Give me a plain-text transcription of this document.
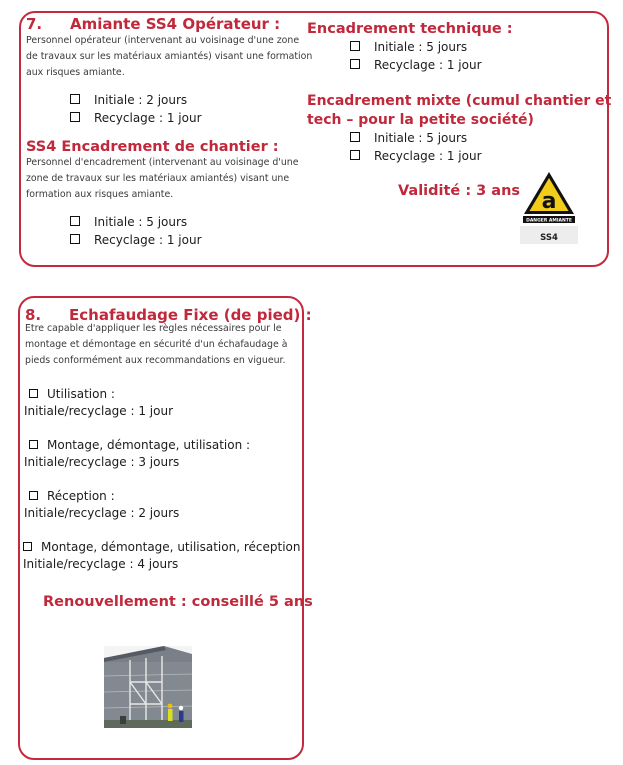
7. Amiante SS4 Opérateur :
Personnel opérateur (intervenant au voisinage d'une zone
de travaux sur les matériaux amiantés) visant une formation
aux risques amiante.
Initiale : 2 jours
Recyclage : 1 jour
SS4 Encadrement de chantier :
Personnel d'encadrement (intervenant au voisinage d'une
zone de travaux sur les matériaux amiantés) visant une
formation aux risques amiante.
Initiale : 5 jours
Recyclage : 1 jour
Encadrement technique :
Initiale : 5 jours
Recyclage : 1 jour
Encadrement mixte (cumul chantier et
tech – pour la petite société)
Initiale : 5 jours
Recyclage : 1 jour
Validité : 3 ans a
DANGER AMIANTE
SS4
8. Echafaudage Fixe (de pied) :
Etre capable d'appliquer les règles nécessaires pour le
montage et démontage en sécurité d'un échafaudage à
pieds conformément aux recommandations en vigueur.
Utilisation :
Initiale/recyclage : 1 jour
Montage, démontage, utilisation :
Initiale/recyclage : 3 jours
Réception :
Initiale/recyclage : 2 jours
Montage, démontage, utilisation, réception
Initiale/recyclage : 4 jours
Renouvellement : conseillé 5 ans
